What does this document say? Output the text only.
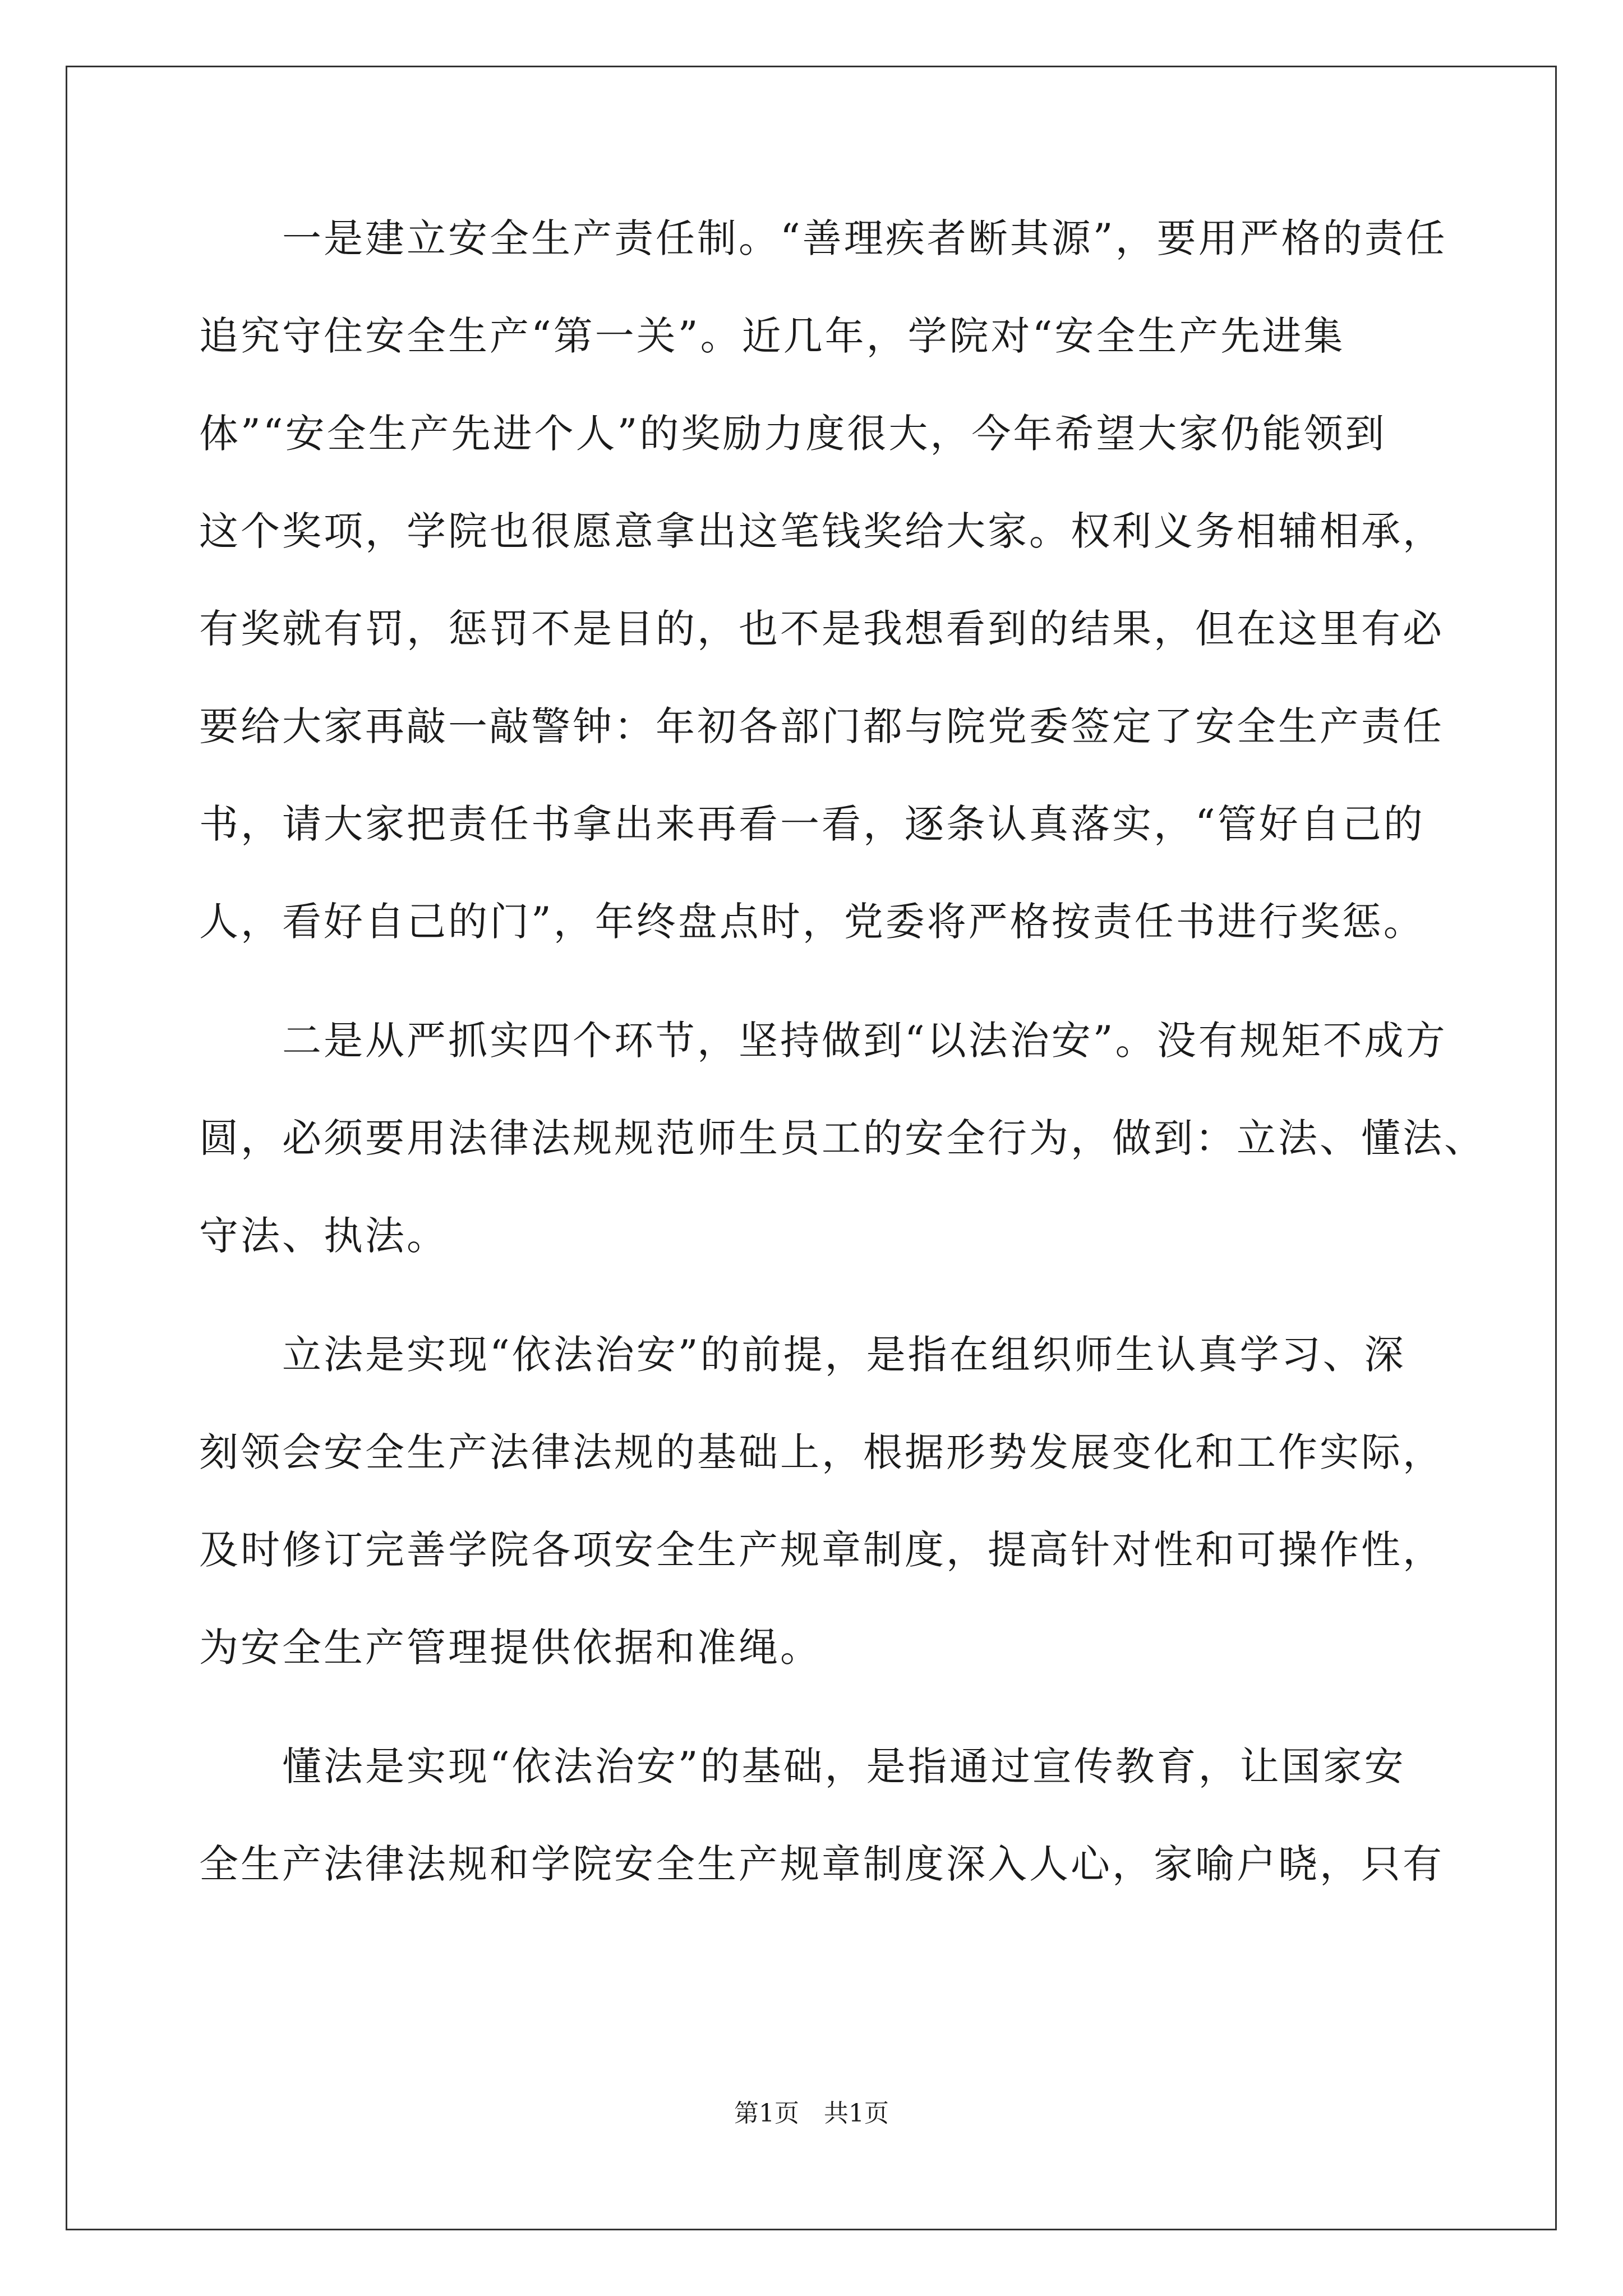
　　一是建立安全生产责任制。“善理疾者断其源”，要用严格的责任
追究守住安全生产“第一关”。近几年，学院对“安全生产先进集
体”“安全生产先进个人”的奖励力度很大，今年希望大家仍能领到
这个奖项，学院也很愿意拿出这笔钱奖给大家。权利义务相辅相承，
有奖就有罚，惩罚不是目的，也不是我想看到的结果，但在这里有必
要给大家再敲一敲警钟：年初各部门都与院党委签定了安全生产责任
书，请大家把责任书拿出来再看一看，逐条认真落实，“管好自己的
人，看好自己的门”，年终盘点时，党委将严格按责任书进行奖惩。
　　二是从严抓实四个环节，坚持做到“以法治安”。没有规矩不成方
圆，必须要用法律法规规范师生员工的安全行为，做到：立法、懂法、
守法、执法。
　　立法是实现“依法治安”的前提，是指在组织师生认真学习、深
刻领会安全生产法律法规的基础上，根据形势发展变化和工作实际，
及时修订完善学院各项安全生产规章制度，提高针对性和可操作性，
为安全生产管理提供依据和准绳。
　　懂法是实现“依法治安”的基础，是指通过宣传教育，让国家安
全生产法律法规和学院安全生产规章制度深入人心，家喻户晓，只有
第1页　共1页
